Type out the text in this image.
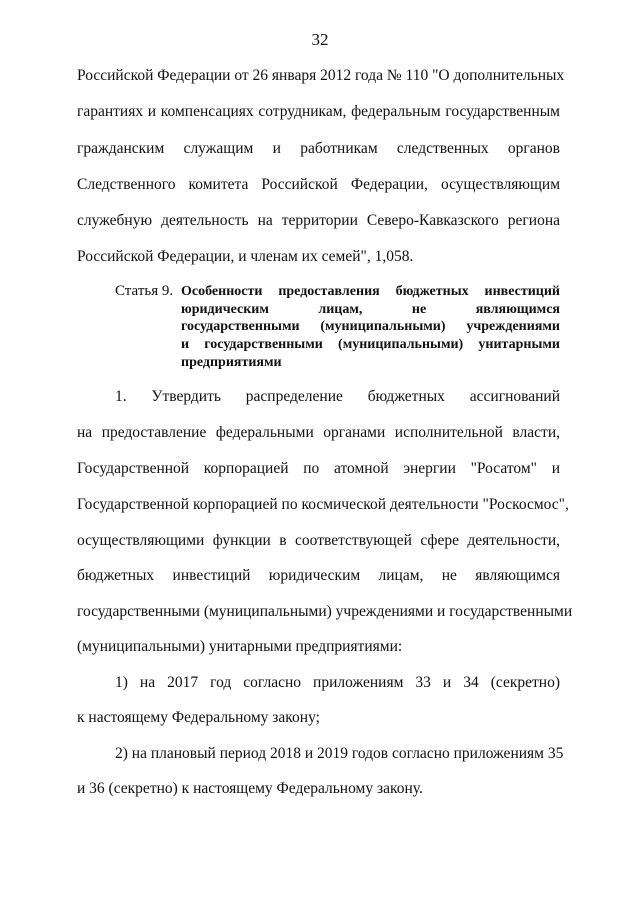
32
Российской Федерации от 26 января 2012 года № 110 "О дополнительных
гарантиях и компенсациях сотрудникам, федеральным государственным
гражданским служащим и работникам следственных органов
Следственного комитета Российской Федерации, осуществляющим
служебную деятельность на территории Северо-Кавказского региона
Российской Федерации, и членам их семей", 1,058.
Статья 9. Особенности предоставления бюджетных инвестиций
юридическим лицам, не являющимся
государственными (муниципальными) учреждениями
и государственными (муниципальными) унитарными
предприятиями
1. Утвердить распределение бюджетных ассигнований
на предоставление федеральными органами исполнительной власти,
Государственной корпорацией по атомной энергии "Росатом" и
Государственной корпорацией по космической деятельности "Роскосмос",
осуществляющими функции в соответствующей сфере деятельности,
бюджетных инвестиций юридическим лицам, не являющимся
государственными (муниципальными) учреждениями и государственными
(муниципальными) унитарными предприятиями:
1) на 2017 год согласно приложениям 33 и 34 (секретно)
к настоящему Федеральному закону;
2) на плановый период 2018 и 2019 годов согласно приложениям 35
и 36 (секретно) к настоящему Федеральному закону.
